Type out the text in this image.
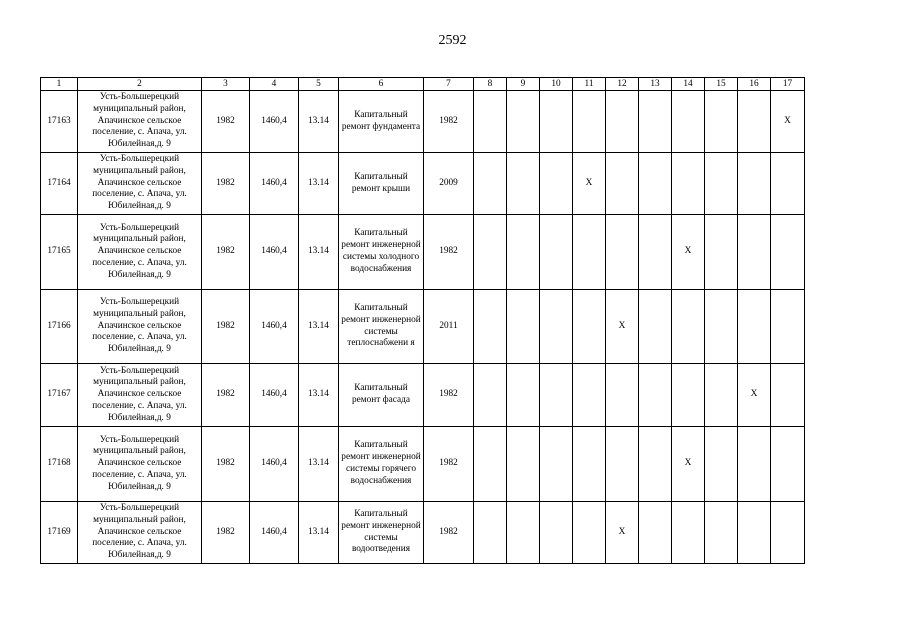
2592
1	2	3	4	5	6	7	8	9	10	11	12	13	14	15	16	17
17163	Усть-Большерецкий муниципальный район, Апачинское сельское поселение, с. Апача, ул. Юбилейная,д. 9	1982	1460,4	13.14	Капитальный ремонт фундамента	1982										Х
17164	Усть-Большерецкий муниципальный район, Апачинское сельское поселение, с. Апача, ул. Юбилейная,д. 9	1982	1460,4	13.14	Капитальный ремонт крыши	2009				Х						
17165	Усть-Большерецкий муниципальный район, Апачинское сельское поселение, с. Апача, ул. Юбилейная,д. 9	1982	1460,4	13.14	Капитальный ремонт инженерной системы холодного водоснабжения	1982							Х			
17166	Усть-Большерецкий муниципальный район, Апачинское сельское поселение, с. Апача, ул. Юбилейная,д. 9	1982	1460,4	13.14	Капитальный ремонт инженерной системы теплоснабжени я	2011					Х					
17167	Усть-Большерецкий муниципальный район, Апачинское сельское поселение, с. Апача, ул. Юбилейная,д. 9	1982	1460,4	13.14	Капитальный ремонт фасада	1982									Х	
17168	Усть-Большерецкий муниципальный район, Апачинское сельское поселение, с. Апача, ул. Юбилейная,д. 9	1982	1460,4	13.14	Капитальный ремонт инженерной системы горячего водоснабжения	1982							Х			
17169	Усть-Большерецкий муниципальный район, Апачинское сельское поселение, с. Апача, ул. Юбилейная,д. 9	1982	1460,4	13.14	Капитальный ремонт инженерной системы водоотведения	1982					Х					
